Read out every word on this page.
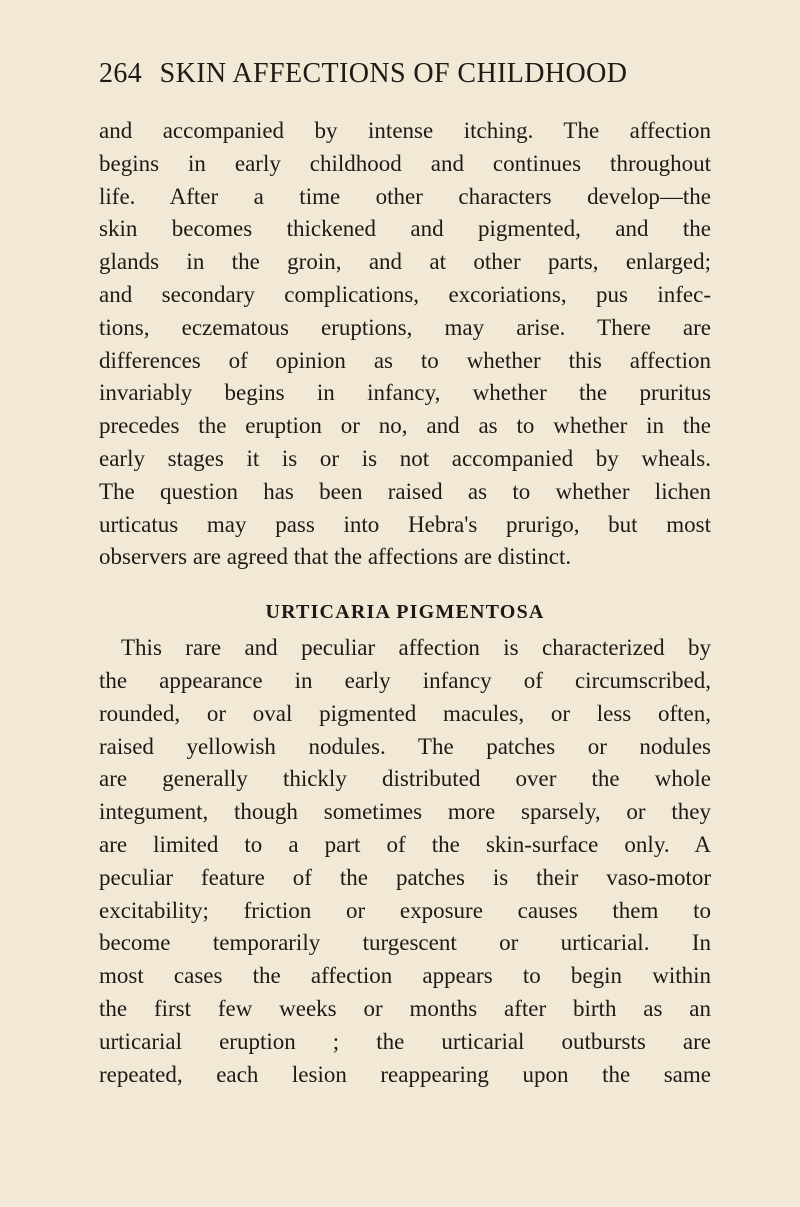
264 SKIN AFFECTIONS OF CHILDHOOD

and accompanied by intense itching. The affection
begins in early childhood and continues throughout
life. After a time other characters develop—the
skin becomes thickened and pigmented, and the
glands in the groin, and at other parts, enlarged;
and secondary complications, excoriations, pus infec-
tions, eczematous eruptions, may arise. There are
differences of opinion as to whether this affection
invariably begins in infancy, whether the pruritus
precedes the eruption or no, and as to whether in the
early stages it is or is not accompanied by wheals.
The question has been raised as to whether lichen
urticatus may pass into Hebra's prurigo, but most
observers are agreed that the affections are distinct.

URTICARIA PIGMENTOSA

This rare and peculiar affection is characterized by
the appearance in early infancy of circumscribed,
rounded, or oval pigmented macules, or less often,
raised yellowish nodules. The patches or nodules
are generally thickly distributed over the whole
integument, though sometimes more sparsely, or they
are limited to a part of the skin-surface only. A
peculiar feature of the patches is their vaso-motor
excitability; friction or exposure causes them to
become temporarily turgescent or urticarial. In
most cases the affection appears to begin within
the first few weeks or months after birth as an
urticarial eruption ; the urticarial outbursts are
repeated, each lesion reappearing upon the same
